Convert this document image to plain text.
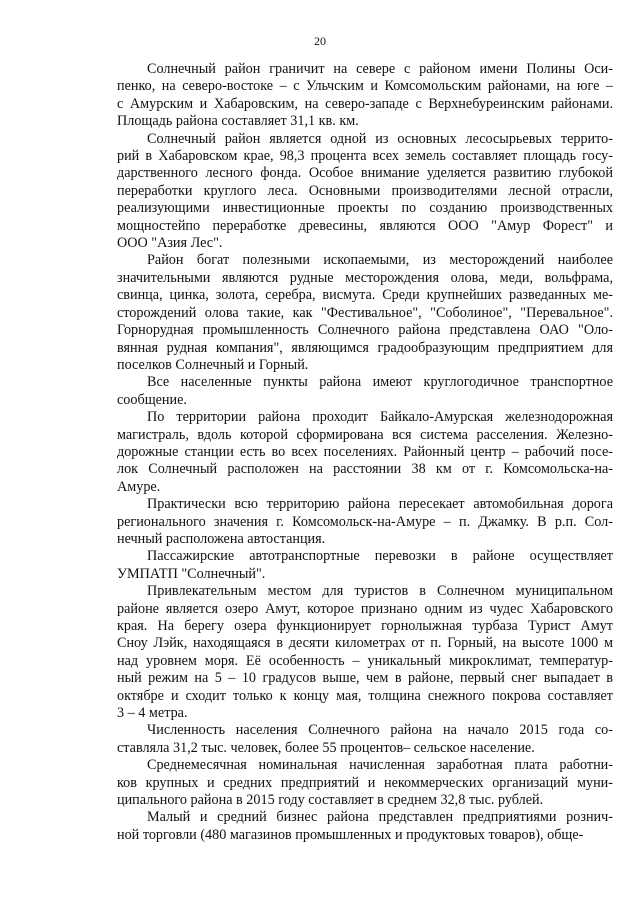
20
Солнечный район граничит на севере с районом имени Полины Оси-
пенко, на северо-востоке – с Ульчским и Комсомольским районами, на юге –
с Амурским и Хабаровским, на северо-западе с Верхнебуреинским районами.
Площадь района составляет 31,1 кв. км.
Солнечный район является одной из основных лесосырьевых террито-
рий в Хабаровском крае, 98,3 процента всех земель составляет площадь госу-
дарственного лесного фонда. Особое внимание уделяется развитию глубокой
переработки круглого леса. Основными производителями лесной отрасли,
реализующими инвестиционные проекты по созданию производственных
мощностейпо переработке древесины, являются ООО "Амур Форест" и
ООО "Азия Лес".
Район богат полезными ископаемыми, из месторождений наиболее
значительными являются рудные месторождения олова, меди, вольфрама,
свинца, цинка, золота, серебра, висмута. Среди крупнейших разведанных ме-
сторождений олова такие, как "Фестивальное", "Соболиное", "Перевальное".
Горнорудная промышленность Солнечного района представлена ОАО "Оло-
вянная рудная компания", являющимся градообразующим предприятием для
поселков Солнечный и Горный.
Все населенные пункты района имеют круглогодичное транспортное
сообщение.
По территории района проходит Байкало-Амурская железнодорожная
магистраль, вдоль которой сформирована вся система расселения. Железно-
дорожные станции есть во всех поселениях. Районный центр – рабочий посе-
лок Солнечный расположен на расстоянии 38 км от г. Комсомольска-на-
Амуре.
Практически всю территорию района пересекает автомобильная дорога
регионального значения г. Комсомольск-на-Амуре – п. Джамку. В р.п. Сол-
нечный расположена автостанция.
Пассажирские автотранспортные перевозки в районе осуществляет
УМПАТП "Солнечный".
Привлекательным местом для туристов в Солнечном муниципальном
районе является озеро Амут, которое признано одним из чудес Хабаровского
края. На берегу озера функционирует горнолыжная турбаза Турист Амут
Сноу Лэйк, находящаяся в десяти километрах от п. Горный, на высоте 1000 м
над уровнем моря. Её особенность – уникальный микроклимат, температур-
ный режим на 5 – 10 градусов выше, чем в районе, первый снег выпадает в
октябре и сходит только к концу мая, толщина снежного покрова составляет
3 – 4 метра.
Численность населения Солнечного района на начало 2015 года со-
ставляла 31,2 тыс. человек, более 55 процентов– сельское население.
Среднемесячная номинальная начисленная заработная плата работни-
ков крупных и средних предприятий и некоммерческих организаций муни-
ципального района в 2015 году составляет в среднем 32,8 тыс. рублей.
Малый и средний бизнес района представлен предприятиями рознич-
ной торговли (480 магазинов промышленных и продуктовых товаров), обще-
